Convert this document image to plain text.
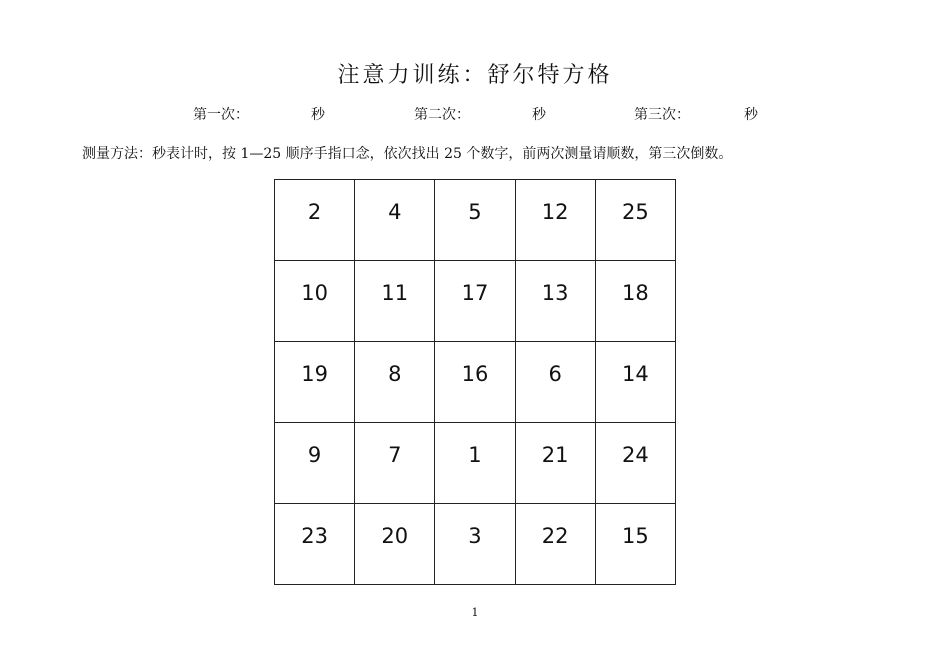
注意力训练：舒尔特方格
第一次：	秒	第二次：	秒	第三次：	秒
测量方法：秒表计时，按 1—25 顺序手指口念，依次找出 25 个数字，前两次测量请顺数，第三次倒数。
2	4	5	12	25

10	11	17	13	18

19	8	16	6	14

9	7	1	21	24

23	20	3	22	15
1
